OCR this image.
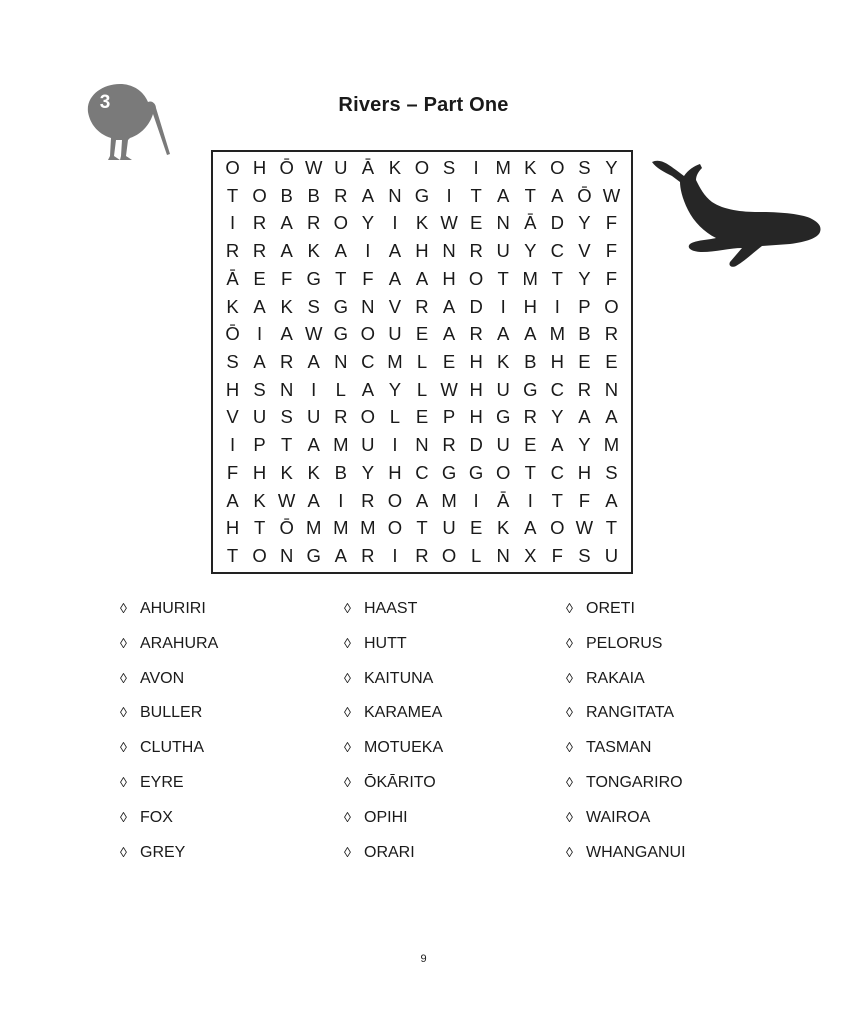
3	Rivers – Part One
O H Ō W U Ā K O S I M K O S Y
T O B B R A N G I	T A T A Ō W
I R A R O Y I K W E N Ā D Y F
R R A K A I A H N R U Y C V F
Ā E F G T F A A H O T M T Y F
K A K S G N V R A D I H I P O
Ō I A W G O U E A R A A M B R
S A R A N C M L E H K B H E E
H S N I	L A Y L W H U G C R N
V U S U R O L E P H G R Y A A
I P T A M U I N R D U E A Y M
F H K K B Y H C G G O T C H S
A K W A I R O A M I Ā I	T F A
H T Ō M M M O T U E K A O W T
T O N G A R I R O L N X F S U
◊ AHURIRI
◊ ARAHURA
◊ AVON
◊ BULLER
◊ CLUTHA
◊ EYRE
◊ FOX
◊ GREY
◊ HAAST
◊ HUTT
◊ KAITUNA
◊ KARAMEA
◊ MOTUEKA
◊ ŌKĀRITO
◊ OPIHI
◊ ORARI
◊ ORETI
◊ PELORUS
◊ RAKAIA
◊ RANGITATA
◊ TASMAN
◊ TONGARIRO
◊ WAIROA
◊ WHANGANUI
9
